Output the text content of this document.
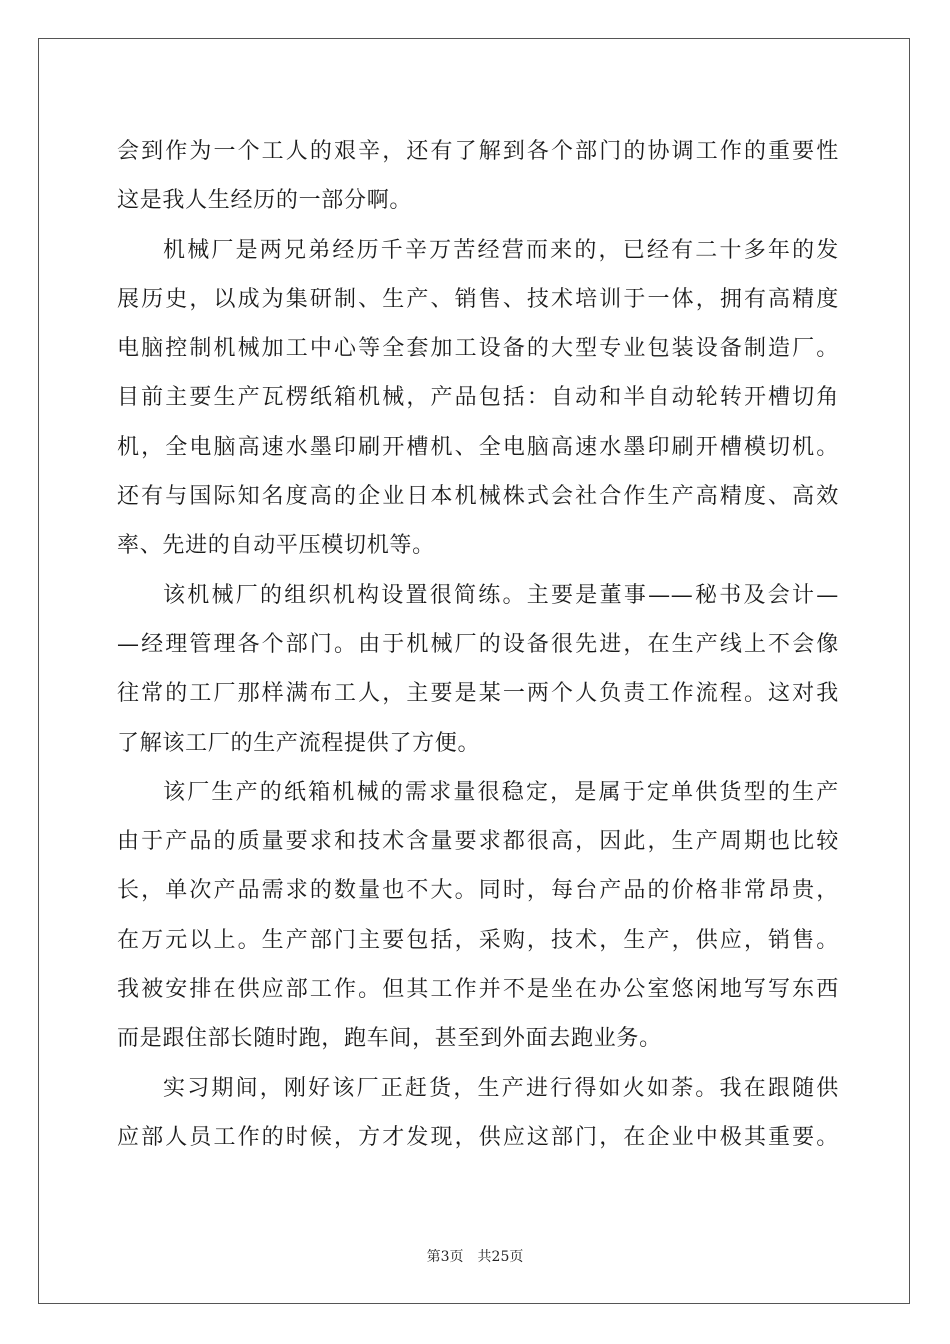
会到作为一个工人的艰辛，还有了解到各个部门的协调工作的重要性
这是我人生经历的一部分啊。
机械厂是两兄弟经历千辛万苦经营而来的，已经有二十多年的发
展历史，以成为集研制、生产、销售、技术培训于一体，拥有高精度
电脑控制机械加工中心等全套加工设备的大型专业包装设备制造厂。
目前主要生产瓦楞纸箱机械，产品包括：自动和半自动轮转开槽切角
机，全电脑高速水墨印刷开槽机、全电脑高速水墨印刷开槽模切机。
还有与国际知名度高的企业日本机械株式会社合作生产高精度、高效
率、先进的自动平压模切机等。
该机械厂的组织机构设置很简练。主要是董事——秘书及会计—
—经理管理各个部门。由于机械厂的设备很先进，在生产线上不会像
往常的工厂那样满布工人，主要是某一两个人负责工作流程。这对我
了解该工厂的生产流程提供了方便。
该厂生产的纸箱机械的需求量很稳定，是属于定单供货型的生产
由于产品的质量要求和技术含量要求都很高，因此，生产周期也比较
长，单次产品需求的数量也不大。同时，每台产品的价格非常昂贵，
在万元以上。生产部门主要包括，采购，技术，生产，供应，销售。
我被安排在供应部工作。但其工作并不是坐在办公室悠闲地写写东西
而是跟住部长随时跑，跑车间，甚至到外面去跑业务。
实习期间，刚好该厂正赶货，生产进行得如火如荼。我在跟随供
应部人员工作的时候，方才发现，供应这部门，在企业中极其重要。
第3页 共25页
